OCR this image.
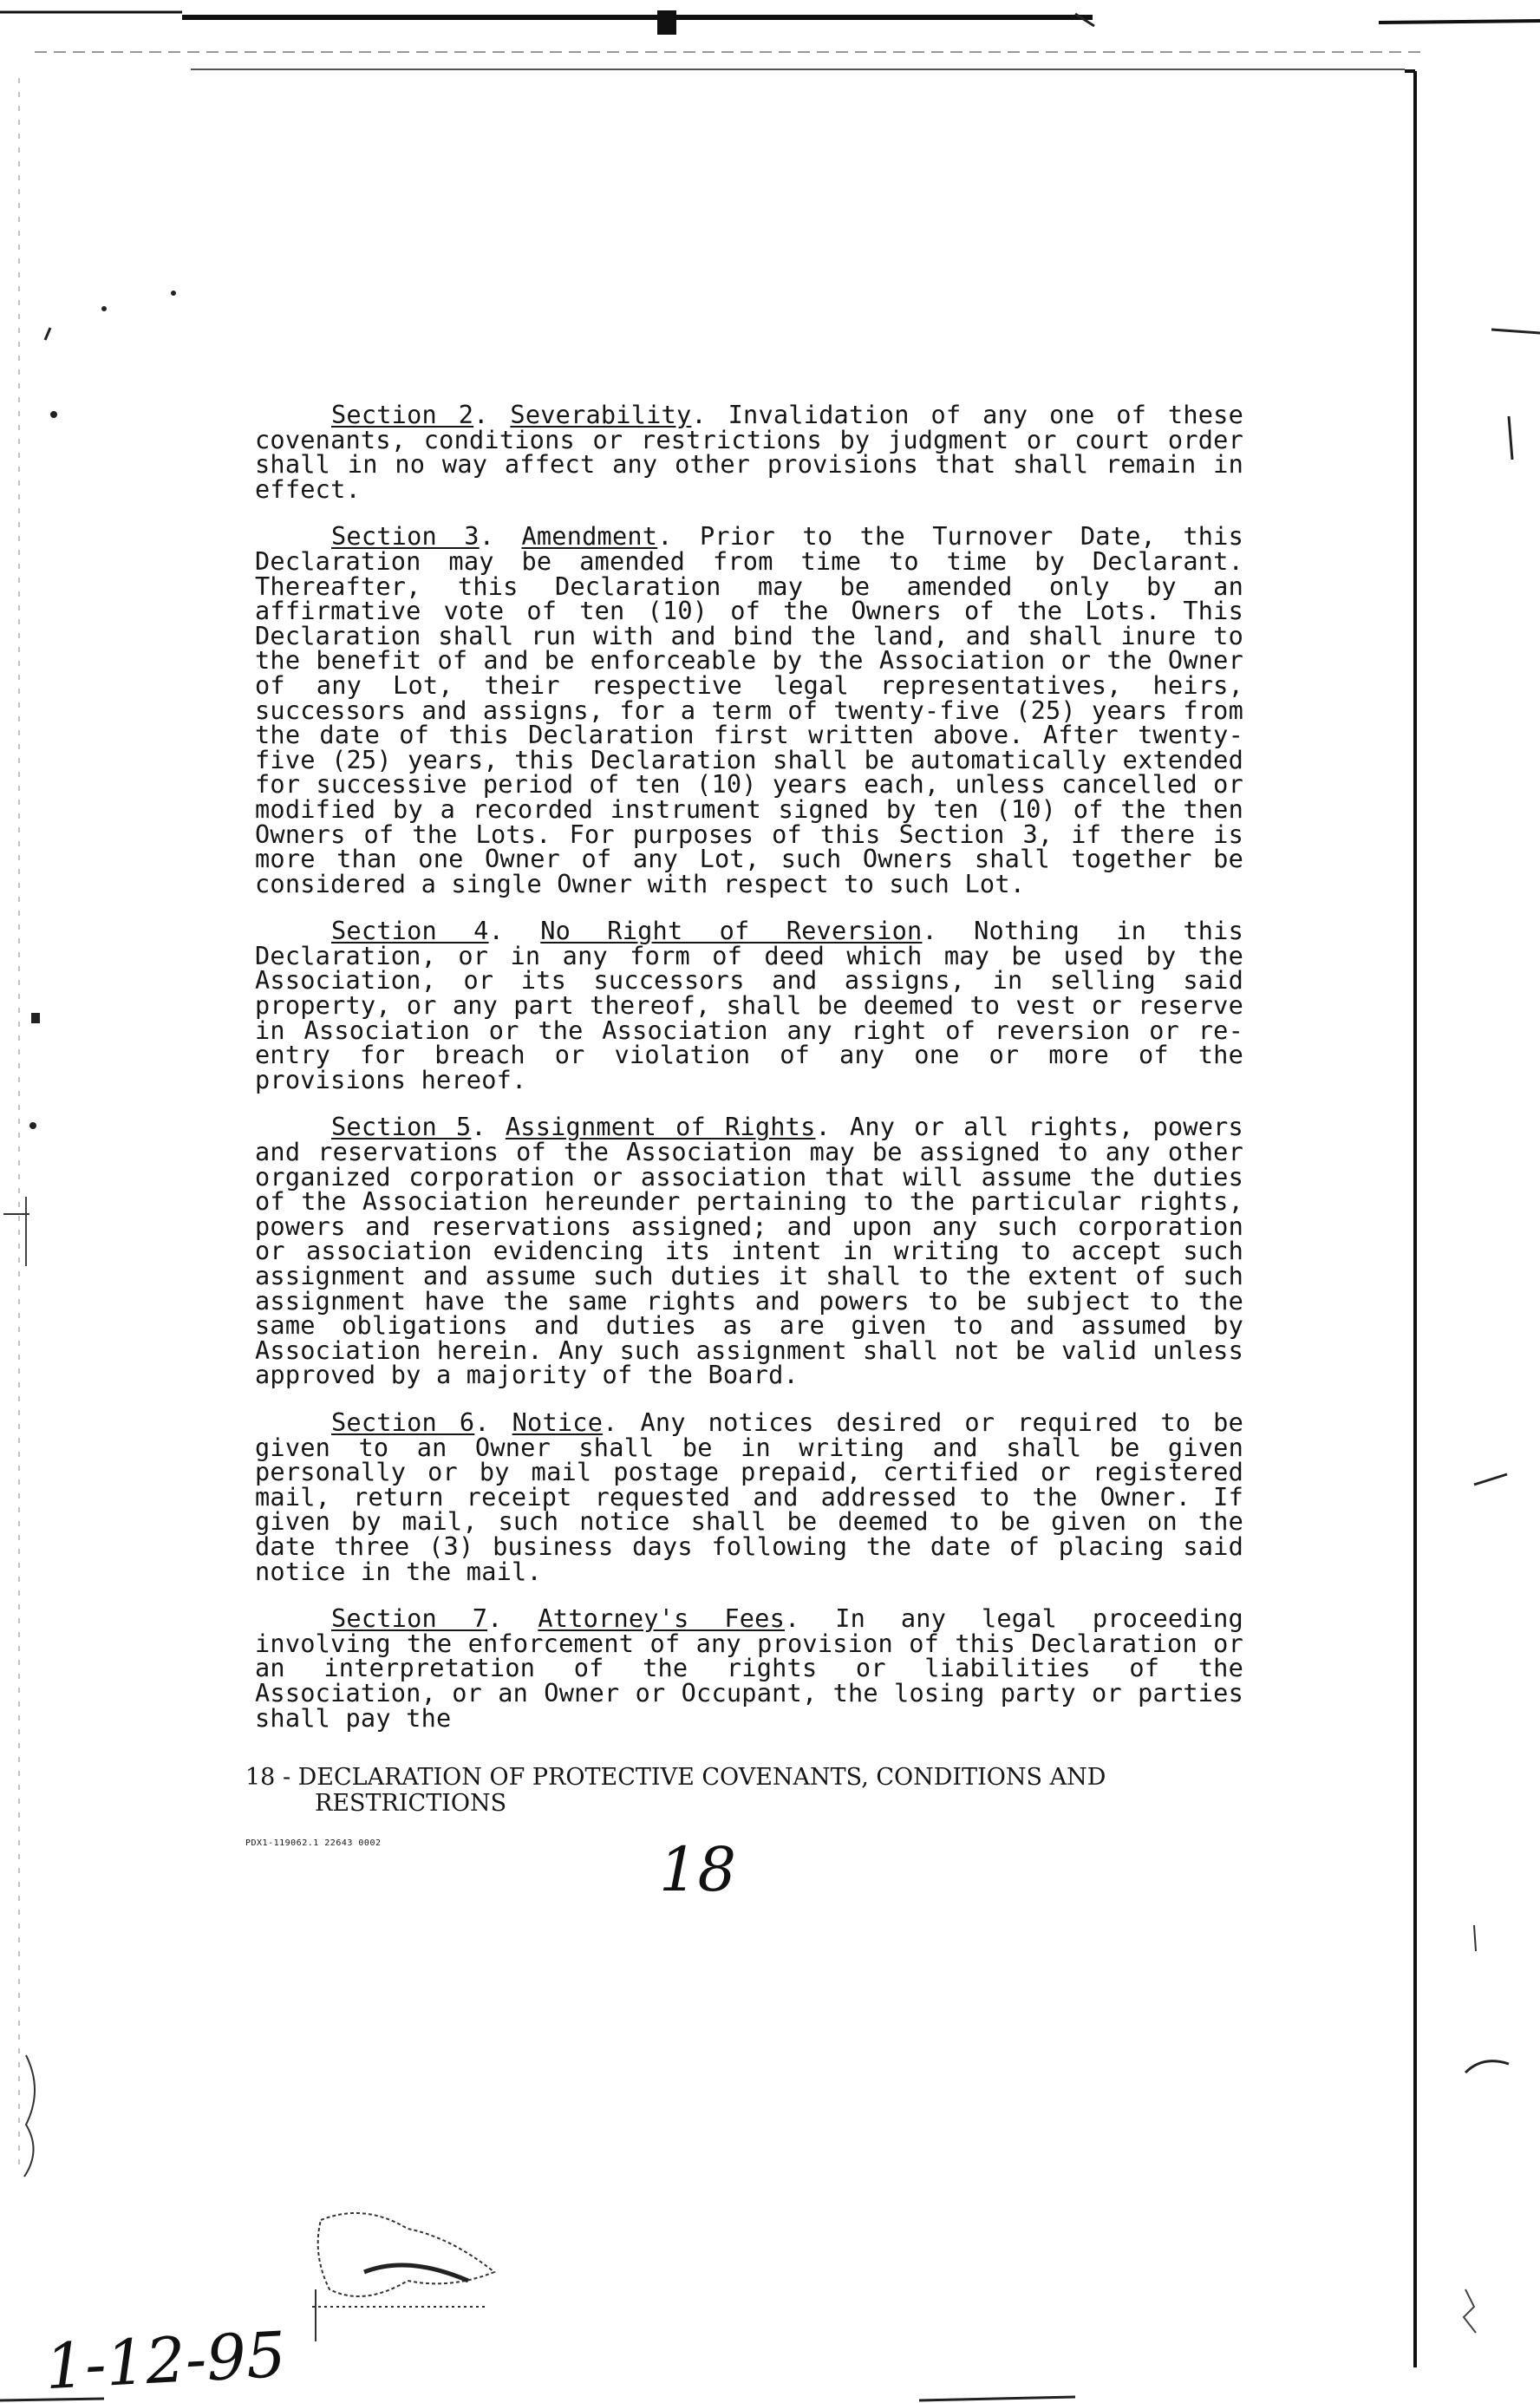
Section 2. Severability. Invalidation of any one of these covenants, conditions or restrictions by judgment or court order shall in no way affect any other provisions that shall remain in effect.

Section 3. Amendment. Prior to the Turnover Date, this Declaration may be amended from time to time by Declarant. Thereafter, this Declaration may be amended only by an affirmative vote of ten (10) of the Owners of the Lots. This Declaration shall run with and bind the land, and shall inure to the benefit of and be enforceable by the Association or the Owner of any Lot, their respective legal representatives, heirs, successors and assigns, for a term of twenty-five (25) years from the date of this Declaration first written above. After twenty-five (25) years, this Declaration shall be automatically extended for successive period of ten (10) years each, unless cancelled or modified by a recorded instrument signed by ten (10) of the then Owners of the Lots. For purposes of this Section 3, if there is more than one Owner of any Lot, such Owners shall together be considered a single Owner with respect to such Lot.

Section 4. No Right of Reversion. Nothing in this Declaration, or in any form of deed which may be used by the Association, or its successors and assigns, in selling said property, or any part thereof, shall be deemed to vest or reserve in Association or the Association any right of reversion or re-entry for breach or violation of any one or more of the provisions hereof.

Section 5. Assignment of Rights. Any or all rights, powers and reservations of the Association may be assigned to any other organized corporation or association that will assume the duties of the Association hereunder pertaining to the particular rights, powers and reservations assigned; and upon any such corporation or association evidencing its intent in writing to accept such assignment and assume such duties it shall to the extent of such assignment have the same rights and powers to be subject to the same obligations and duties as are given to and assumed by Association herein. Any such assignment shall not be valid unless approved by a majority of the Board.

Section 6. Notice. Any notices desired or required to be given to an Owner shall be in writing and shall be given personally or by mail postage prepaid, certified or registered mail, return receipt requested and addressed to the Owner. If given by mail, such notice shall be deemed to be given on the date three (3) business days following the date of placing said notice in the mail.

Section 7. Attorney's Fees. In any legal proceeding involving the enforcement of any provision of this Declaration or an interpretation of the rights or liabilities of the Association, or an Owner or Occupant, the losing party or parties shall pay the

18 - DECLARATION OF PROTECTIVE COVENANTS, CONDITIONS AND
RESTRICTIONS
PDX1-119062.1 22643 0002	18
1-12-95
